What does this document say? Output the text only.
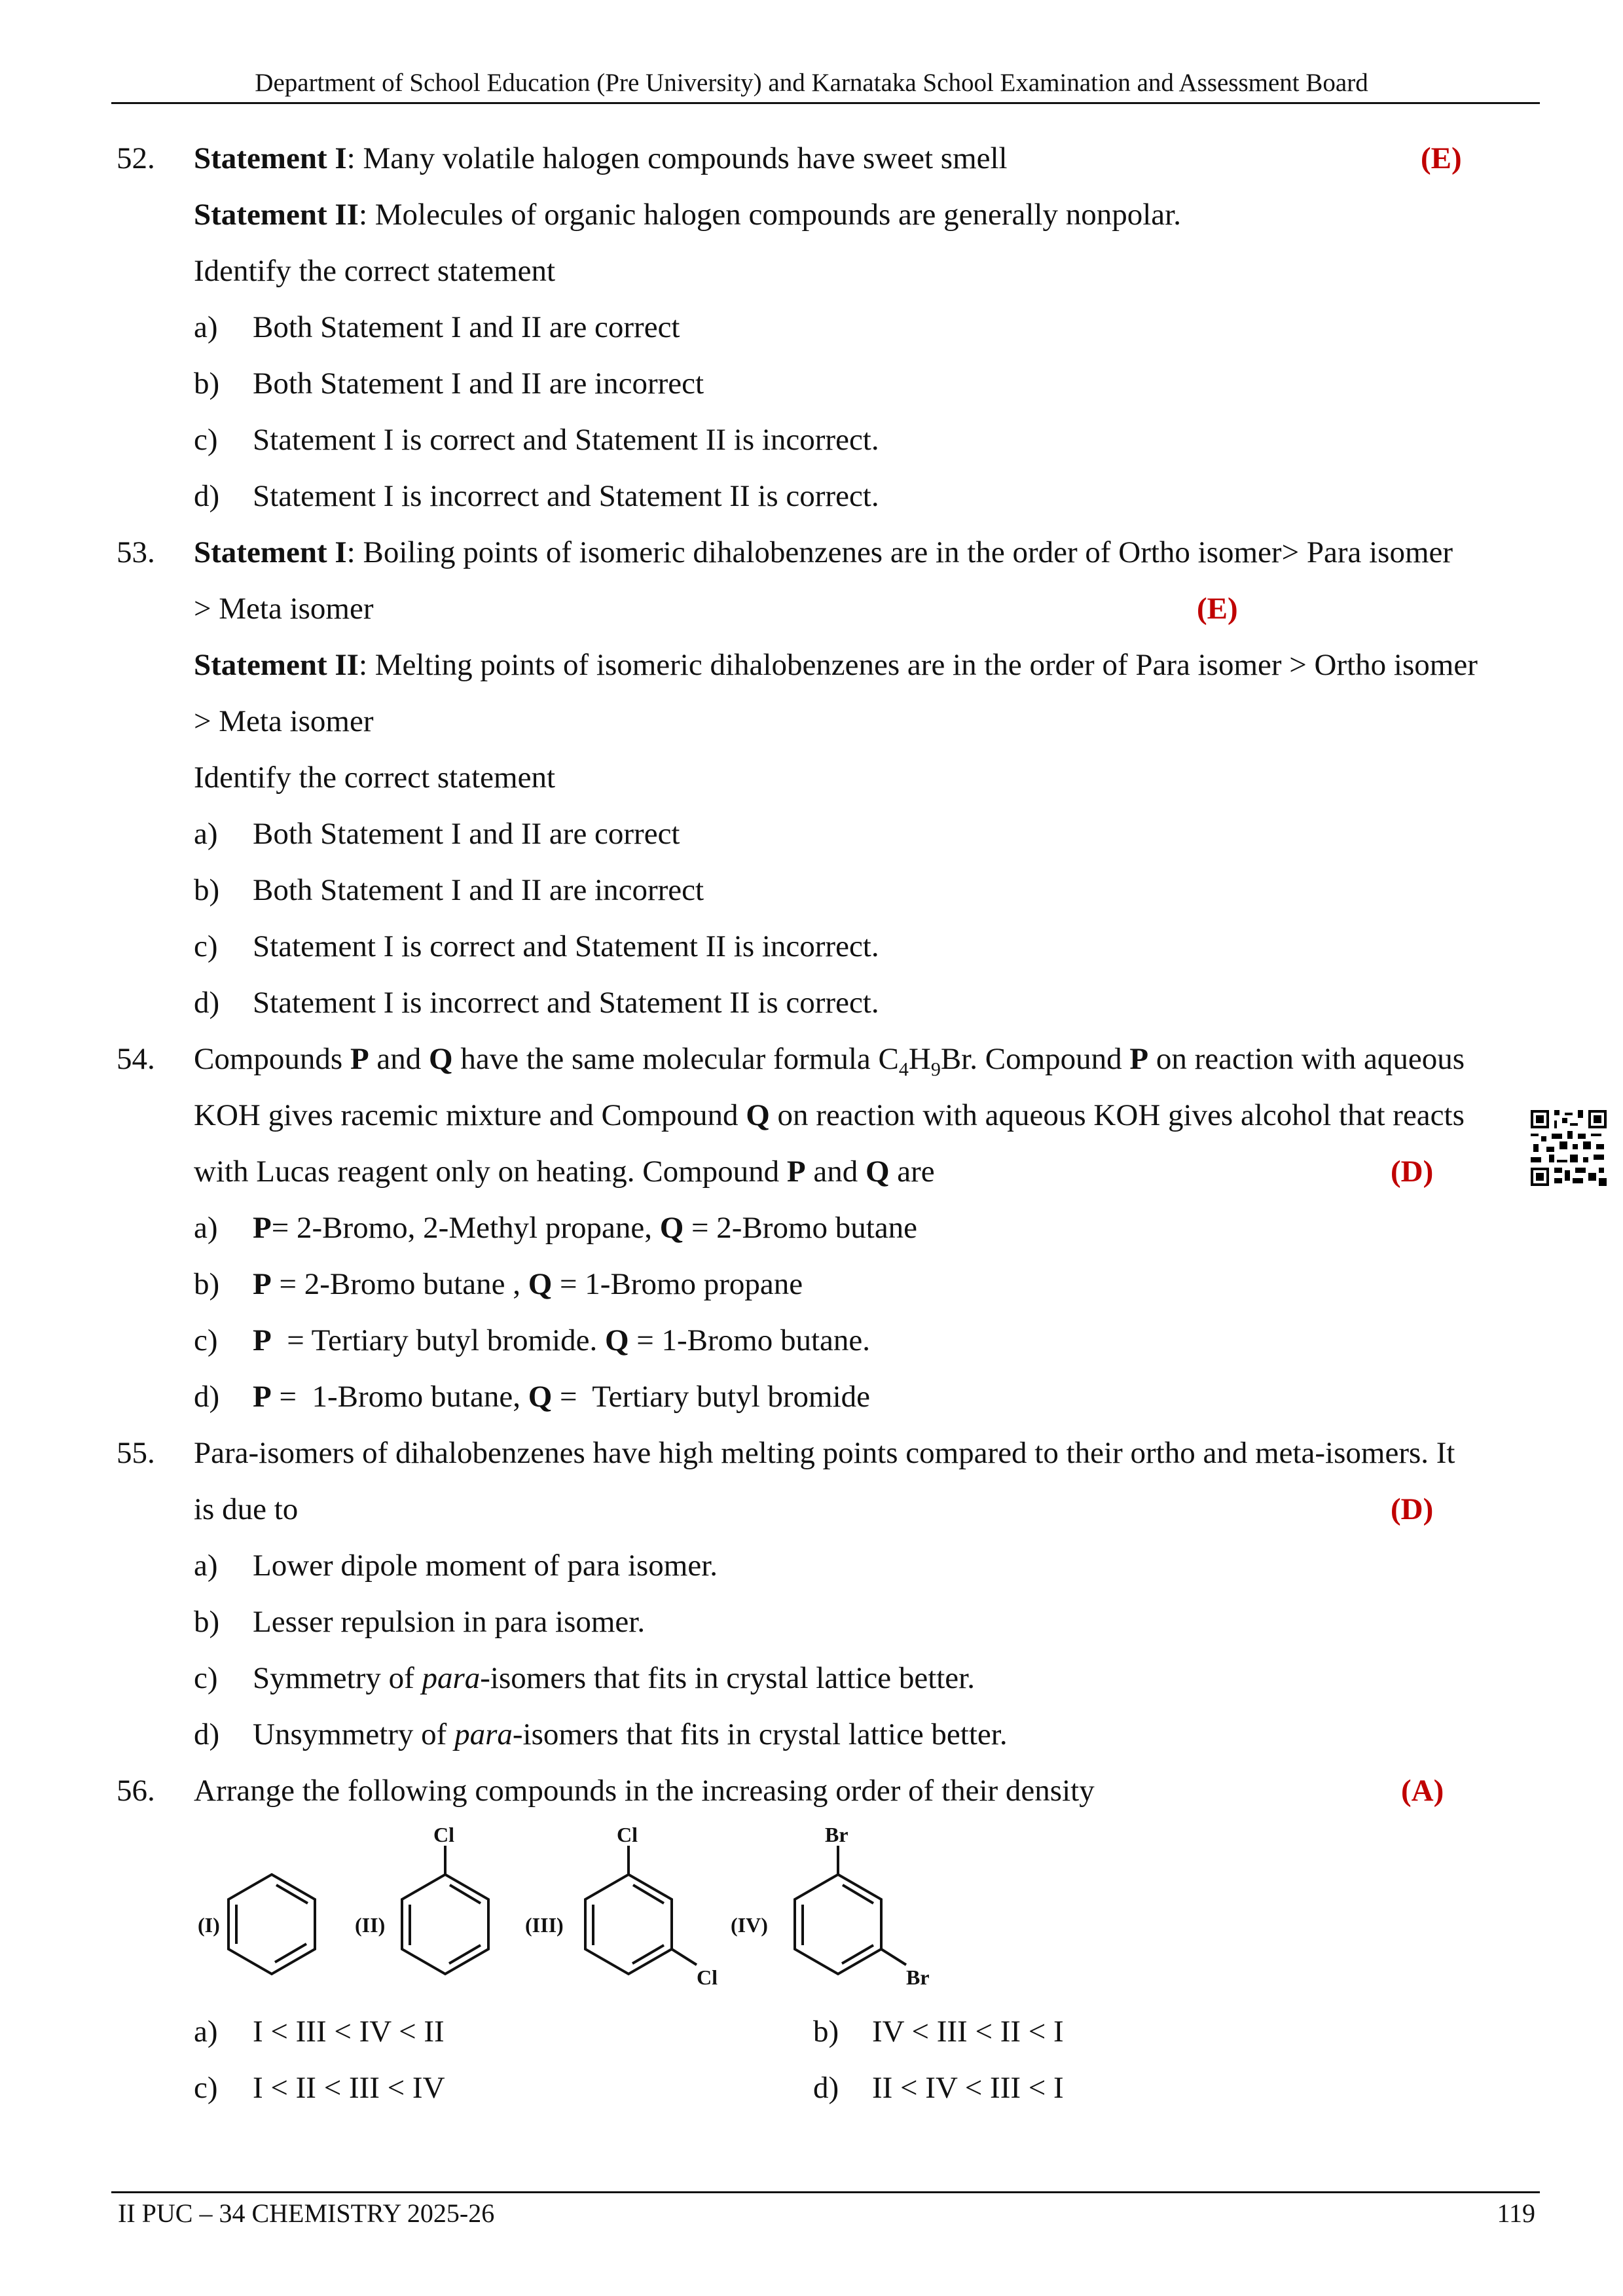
Department of School Education (Pre University) and Karnataka School Examination and Assessment Board
52. Statement I: Many volatile halogen compounds have sweet smell	(E)
Statement II: Molecules of organic halogen compounds are generally nonpolar.
Identify the correct statement
a) Both Statement I and II are correct
b) Both Statement I and II are incorrect
c) Statement I is correct and Statement II is incorrect.
d) Statement I is incorrect and Statement II is correct.
53. Statement I: Boiling points of isomeric dihalobenzenes are in the order of Ortho isomer> Para isomer
> Meta isomer	(E)
Statement II: Melting points of isomeric dihalobenzenes are in the order of Para isomer > Ortho isomer
> Meta isomer
Identify the correct statement
a) Both Statement I and II are correct
b) Both Statement I and II are incorrect
c) Statement I is correct and Statement II is incorrect.
d) Statement I is incorrect and Statement II is correct.
54. Compounds P and Q have the same molecular formula $C_4H_9Br$. Compound P on reaction with aqueous
KOH gives racemic mixture and Compound Q on reaction with aqueous KOH gives alcohol that reacts
with Lucas reagent only on heating. Compound P and Q are	(D)
a) P= 2-Bromo, 2-Methyl propane, Q = 2-Bromo butane
b) P = 2-Bromo butane , Q = 1-Bromo propane
c) P  = Tertiary butyl bromide. Q = 1-Bromo butane.
d) P =  1-Bromo butane, Q =  Tertiary butyl bromide
55. Para-isomers of dihalobenzenes have high melting points compared to their ortho and meta-isomers. It
is due to	(D)
a) Lower dipole moment of para isomer.
b) Lesser repulsion in para isomer.
c) Symmetry of para-isomers that fits in crystal lattice better.
d) Unsymmetry of para-isomers that fits in crystal lattice better.
56. Arrange the following compounds in the increasing order of their density	(A)
(I)	(II)
Cl
(III)
Cl
Cl
(IV)
Br
Br
a) I < III < IV < II	b) IV < III < II < I
c) I < II < III < IV	d) II < IV < III < I
II PUC – 34 CHEMISTRY 2025-26	119
